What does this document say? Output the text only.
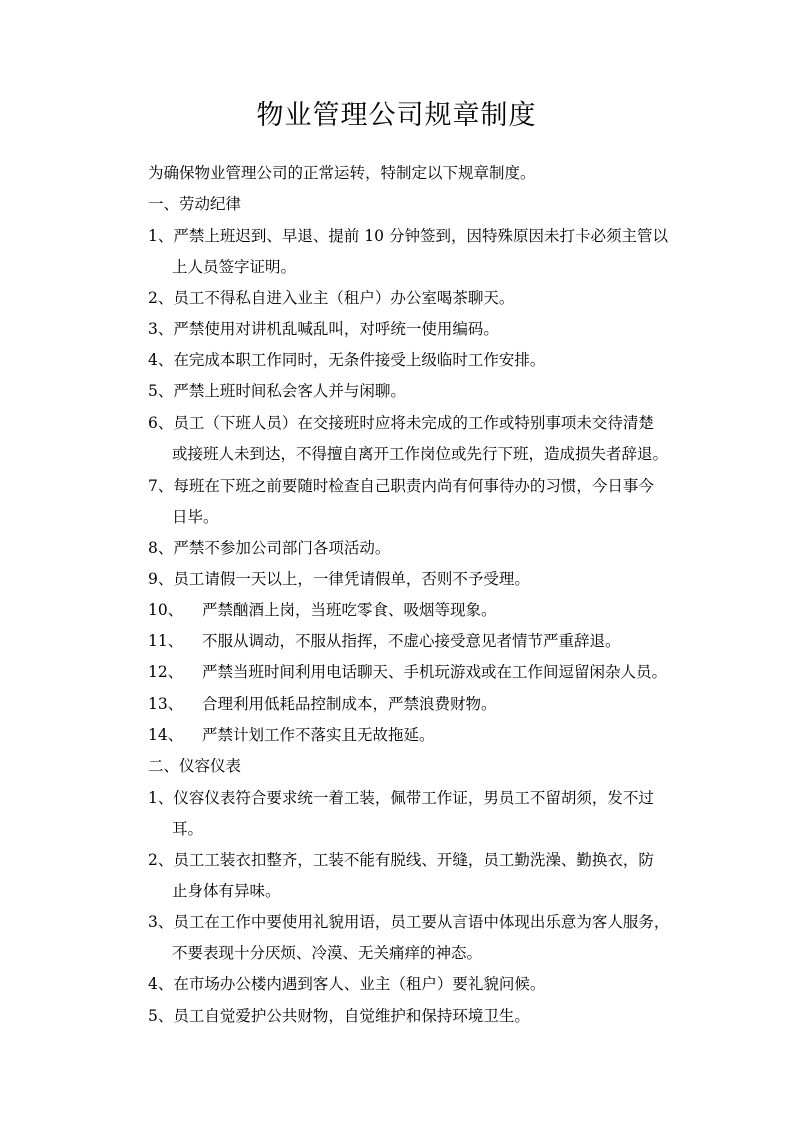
物业管理公司规章制度
为确保物业管理公司的正常运转，特制定以下规章制度。
一、劳动纪律
1、严禁上班迟到、早退、提前 10 分钟签到，因特殊原因未打卡必须主管以
上人员签字证明。
2、员工不得私自进入业主（租户）办公室喝茶聊天。
3、严禁使用对讲机乱喊乱叫，对呼统一使用编码。
4、在完成本职工作同时，无条件接受上级临时工作安排。
5、严禁上班时间私会客人并与闲聊。
6、员工（下班人员）在交接班时应将未完成的工作或特别事项未交待清楚
或接班人未到达，不得擅自离开工作岗位或先行下班，造成损失者辞退。
7、每班在下班之前要随时检查自己职责内尚有何事待办的习惯，今日事今
日毕。
8、严禁不参加公司部门各项活动。
9、员工请假一天以上，一律凭请假单，否则不予受理。
10、 严禁酗酒上岗，当班吃零食、吸烟等现象。
11、 不服从调动，不服从指挥，不虚心接受意见者情节严重辞退。
12、 严禁当班时间利用电话聊天、手机玩游戏或在工作间逗留闲杂人员。
13、 合理利用低耗品控制成本，严禁浪费财物。
14、 严禁计划工作不落实且无故拖延。
二、仪容仪表
1、仪容仪表符合要求统一着工装，佩带工作证，男员工不留胡须，发不过
耳。
2、员工工装衣扣整齐，工装不能有脱线、开缝，员工勤洗澡、勤换衣，防
止身体有异味。
3、员工在工作中要使用礼貌用语，员工要从言语中体现出乐意为客人服务，
不要表现十分厌烦、冷漠、无关痛痒的神态。
4、在市场办公楼内遇到客人、业主（租户）要礼貌问候。
5、员工自觉爱护公共财物，自觉维护和保持环境卫生。
